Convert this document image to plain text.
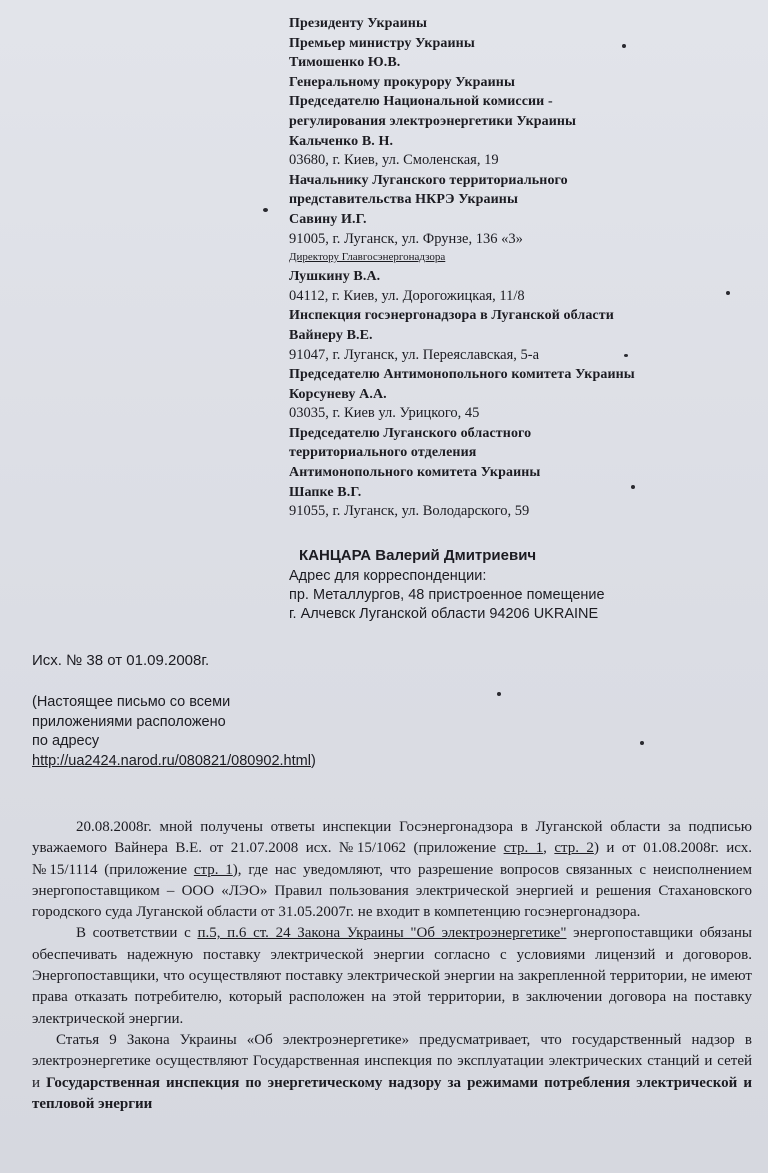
Президенту Украины
Премьер министру Украины
Тимошенко Ю.В.
Генеральному прокурору Украины
Председателю Национальной комиссии -
регулирования электроэнергетики Украины
Кальченко В. Н.
03680, г. Киев, ул. Смоленская, 19
Начальнику Луганского территориального
представительства НКРЭ Украины
Савину И.Г.
91005, г. Луганск, ул. Фрунзе, 136 «3»
Директору Главгосэнергонадзора
Лушкину В.А.
04112, г. Киев, ул. Дорогожицкая, 11/8
Инспекция госэнергонадзора в Луганской области
Вайнеру В.Е.
91047, г. Луганск, ул. Переяславская, 5-а
Председателю Антимонопольного комитета Украины
Корсуневу А.А.
03035, г. Киев ул. Урицкого, 45
Председателю Луганского областного
территориального отделения
Антимонопольного комитета Украины
Шапке В.Г.
91055, г. Луганск, ул. Володарского, 59
КАНЦАРА Валерий Дмитриевич
Адрес для корреспонденции:
пр. Металлургов, 48 пристроенное помещение
г. Алчевск Луганской области 94206 UKRAINE
Исх. № 38 от 01.09.2008г.
(Настоящее письмо со всеми
приложениями расположено
по адресу
http://ua2424.narod.ru/080821/080902.html)

20.08.2008г. мной получены ответы инспекции Госэнергонадзора в Луганской области за подписью уважаемого Вайнера В.Е. от 21.07.2008 исх. №15/1062 (приложение стр. 1, стр. 2) и от 01.08.2008г. исх. №15/1114 (приложение стр. 1), где нас уведомляют, что разрешение вопросов связанных с неисполнением энергопоставщиком – ООО «ЛЭО» Правил пользования электрической энергией и решения Стахановского городского суда Луганской области от 31.05.2007г. не входит в компетенцию госэнергонадзора.

В соответствии с п.5, п.6 ст. 24 Закона Украины "Об электроэнергетике" энергопоставщики обязаны обеспечивать надежную поставку электрической энергии согласно с условиями лицензий и договоров. Энергопоставщики, что осуществляют поставку электрической энергии на закрепленной территории, не имеют права отказать потребителю, который расположен на этой территории, в заключении договора на поставку электрической энергии.

Статья 9 Закона Украины «Об электроэнергетике» предусматривает, что государственный надзор в электроэнергетике осуществляют Государственная инспекция по эксплуатации электрических станций и сетей и Государственная инспекция по энергетическому надзору за режимами потребления электрической и тепловой энергии
